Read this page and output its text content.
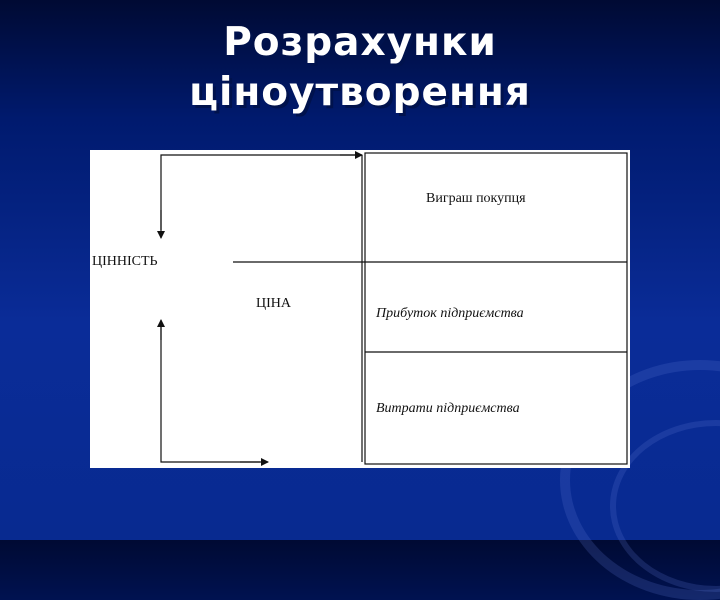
Розрахунки
ціноутворення
ЦІННІСТЬ
ЦІНА
Виграш покупця
Прибуток підприємства
Витрати підприємства
